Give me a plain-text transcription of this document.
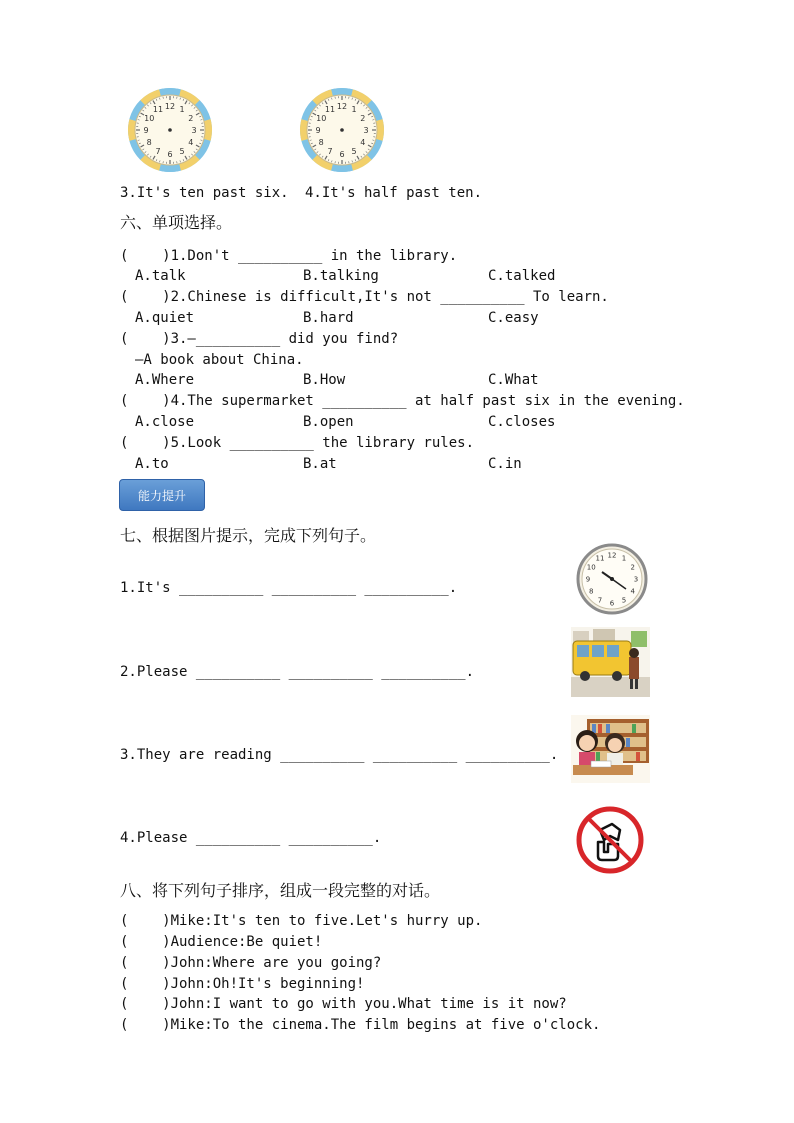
12 1
2
3
4
5
6
7
8
9
10
11	12 1
2
3
4
5
6
7
8
9
10
11
3.It's ten past six. 4.It's half past ten.
六、单项选择。
(    )1.Don't __________ in the library.
A.talk	B.talking	C.talked
(    )2.Chinese is difficult,It's not __________ To learn.
A.quiet	B.hard	C.easy
(    )3.—__________ did you find?
—A book about China.
A.Where	B.How	C.What
(    )4.The supermarket __________ at half past six in the evening.
A.close	B.open	C.closes
(    )5.Look __________ the library rules.
A.to	B.at	C.in
能力提升
七、根据图片提示，完成下列句子。
1.It's __________ __________ __________.
2.Please __________ __________ __________.
3.They are reading __________ __________ __________.
4.Please __________ __________.
12 1
2
3
4
5
6
7
8
9
10
11
八、将下列句子排序，组成一段完整的对话。
(    )Mike:It's ten to five.Let's hurry up.
(    )Audience:Be quiet!
(    )John:Where are you going?
(    )John:Oh!It's beginning!
(    )John:I want to go with you.What time is it now?
(    )Mike:To the cinema.The film begins at five o'clock.
